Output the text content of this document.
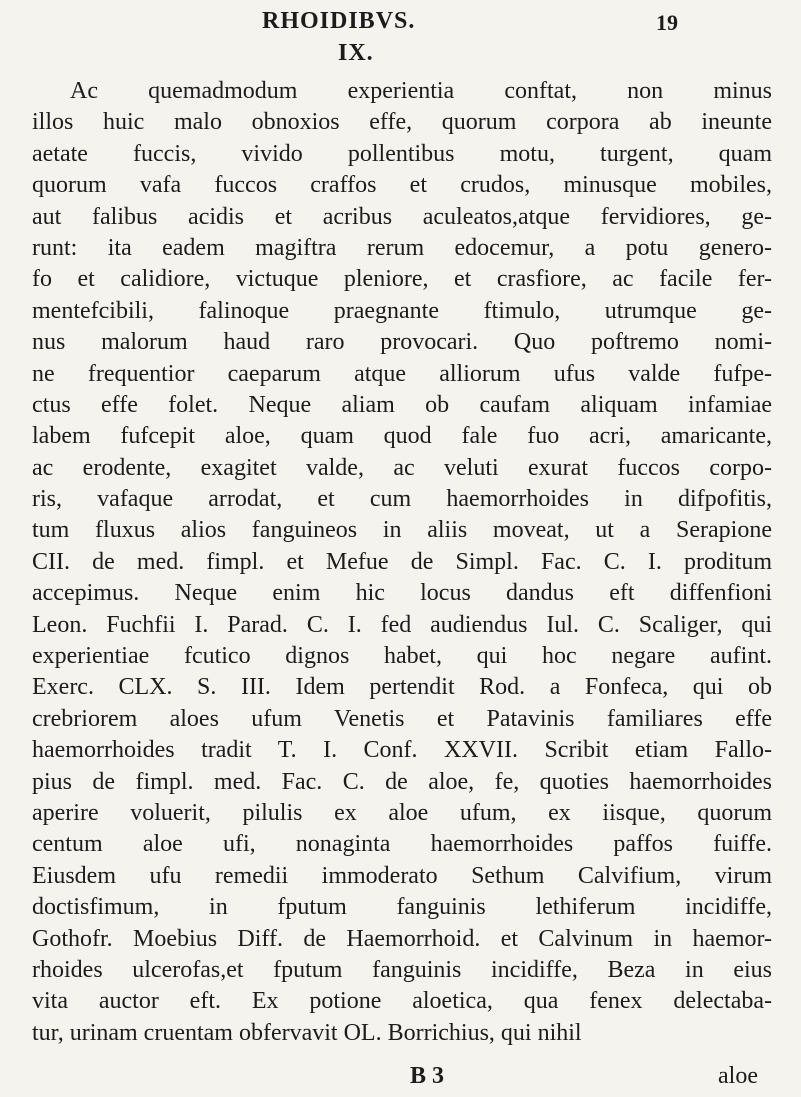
RHOIDIBVS.	19
IX.
Ac quemadmodum experientia conftat, non minus
illos huic malo obnoxios effe, quorum corpora ab ineunte
aetate fuccis, vivido pollentibus motu, turgent, quam
quorum vafa fuccos craffos et crudos, minusque mobiles,
aut falibus acidis et acribus aculeatos,atque fervidiores, ge-
runt: ita eadem magiftra rerum edocemur, a potu genero-
fo et calidiore, victuque pleniore, et crasfiore, ac facile fer-
mentefcibili, falinoque praegnante ftimulo, utrumque ge-
nus malorum haud raro provocari. Quo poftremo nomi-
ne frequentior caeparum atque alliorum ufus valde fufpe-
ctus effe folet. Neque aliam ob caufam aliquam infamiae
labem fufcepit aloe, quam quod fale fuo acri, amaricante,
ac erodente, exagitet valde, ac veluti exurat fuccos corpo-
ris, vafaque arrodat, et cum haemorrhoides in difpofitis,
tum fluxus alios fanguineos in aliis moveat, ut a Serapione
CII. de med. fimpl. et Mefue de Simpl. Fac. C. I. proditum
accepimus. Neque enim hic locus dandus eft diffenfioni
Leon. Fuchfii I. Parad. C. I. fed audiendus Iul. C. Scaliger, qui
experientiae fcutico dignos habet, qui hoc negare aufint.
Exerc. CLX. S. III. Idem pertendit Rod. a Fonfeca, qui ob
crebriorem aloes ufum Venetis et Patavinis familiares effe
haemorrhoides tradit T. I. Conf. XXVII. Scribit etiam Fallo-
pius de fimpl. med. Fac. C. de aloe, fe, quoties haemorrhoides
aperire voluerit, pilulis ex aloe ufum, ex iisque, quorum
centum aloe ufi, nonaginta haemorrhoides paffos fuiffe.
Eiusdem ufu remedii immoderato Sethum Calvifium, virum
doctisfimum, in fputum fanguinis lethiferum incidiffe,
Gothofr. Moebius Diff. de Haemorrhoid. et Calvinum in haemor-
rhoides ulcerofas,et fputum fanguinis incidiffe, Beza in eius
vita auctor eft. Ex potione aloetica, qua fenex delectaba-
tur, urinam cruentam obfervavit OL. Borrichius, qui nihil
B 3	aloe
